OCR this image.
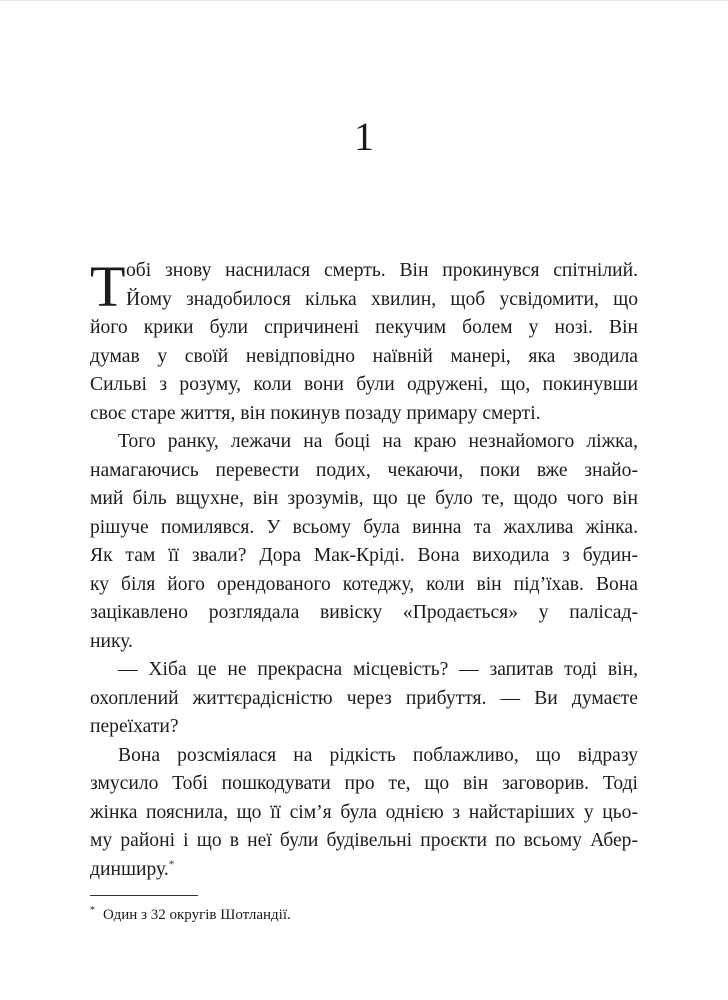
1
Т обі знову наснилася смерть. Він прокинувся спітнілий.
Йому знадобилося кілька хвилин, щоб усвідомити, що
його крики були спричинені пекучим болем у нозі. Він
думав у своїй невідповідно наївній манері, яка зводила
Сильві з розуму, коли вони були одружені, що, покинувши
своє старе життя, він покинув позаду примару смерті.
Того ранку, лежачи на боці на краю незнайомого ліжка,
намагаючись перевести подих, чекаючи, поки вже знайо-
мий біль вщухне, він зрозумів, що це було те, щодо чого він
рішуче помилявся. У всьому була винна та жахлива жінка.
Як там її звали? Дора Мак-Кріді. Вона виходила з будин-
ку біля його орендованого котеджу, коли він під’їхав. Вона
зацікавлено розглядала вивіску «Продається» у палісад-
нику.
— Хіба це не прекрасна місцевість? — запитав тоді він,
охоплений життєрадісністю через прибуття. — Ви думаєте
переїхати?
Вона розсміялася на рідкість поблажливо, що відразу
змусило Тобі пошкодувати про те, що він заговорив. Тоді
жінка пояснила, що її сім’я була однією з найстаріших у цьо-
му районі і що в неї були будівельні проєкти по всьому Абер-
динширу.*
* Один з 32 округів Шотландії.
